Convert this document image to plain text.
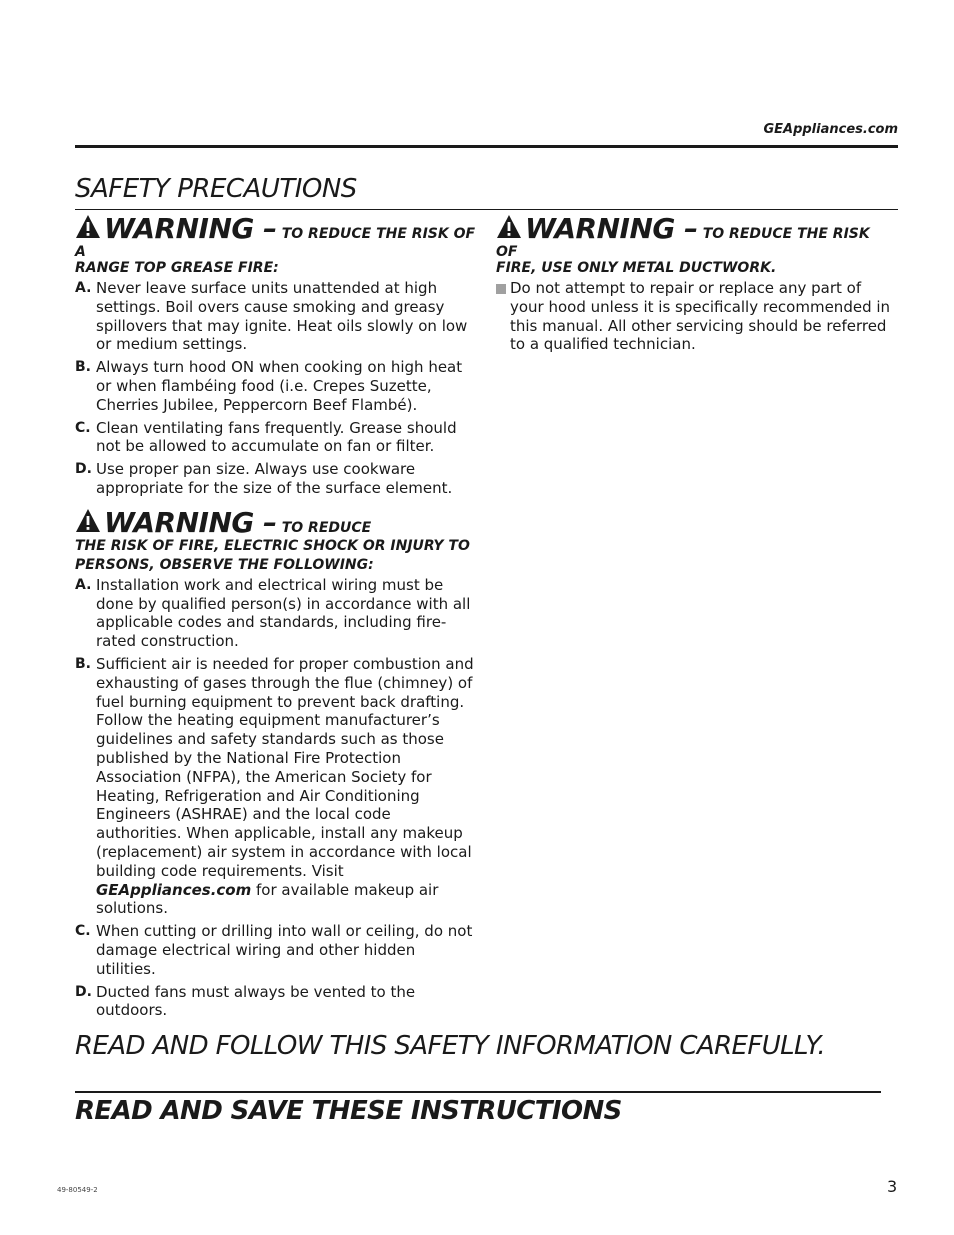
GEAppliances.com
SAFETY PRECAUTIONS

WARNING – TO REDUCE THE RISK OF A

RANGE TOP GREASE FIRE:

A. Never leave surface units unattended at high settings. Boil overs cause smoking and greasy spillovers that may ignite. Heat oils slowly on low or medium settings.
B. Always turn hood ON when cooking on high heat or when flambéing food (i.e. Crepes Suzette, Cherries Jubilee, Peppercorn Beef Flambé).
C. Clean ventilating fans frequently. Grease should not be allowed to accumulate on fan or filter.
D. Use proper pan size. Always use cookware appropriate for the size of the surface element.

WARNING – TO REDUCE

THE RISK OF FIRE, ELECTRIC SHOCK OR INJURY TO PERSONS, OBSERVE THE FOLLOWING:

A. Installation work and electrical wiring must be done by qualified person(s) in accordance with all applicable codes and standards, including fire-rated construction.
B. Sufficient air is needed for proper combustion and exhausting of gases through the flue (chimney) of fuel burning equipment to prevent back drafting. Follow the heating equipment manufacturer’s guidelines and safety standards such as those published by the National Fire Protection Association (NFPA), the American Society for Heating, Refrigeration and Air Conditioning Engineers (ASHRAE) and the local code authorities. When applicable, install any makeup (replacement) air system in accordance with local building code requirements. Visit GEAppliances.com for available makeup air solutions.
C. When cutting or drilling into wall or ceiling, do not damage electrical wiring and other hidden utilities.
D. Ducted fans must always be vented to the outdoors.

WARNING – TO REDUCE THE RISK OF

FIRE, USE ONLY METAL DUCTWORK.

Do not attempt to repair or replace any part of your hood unless it is specifically recommended in this manual. All other servicing should be referred to a qualified technician.
READ AND FOLLOW THIS SAFETY INFORMATION CAREFULLY.
READ AND SAVE THESE INSTRUCTIONS
49-80549-2	3
